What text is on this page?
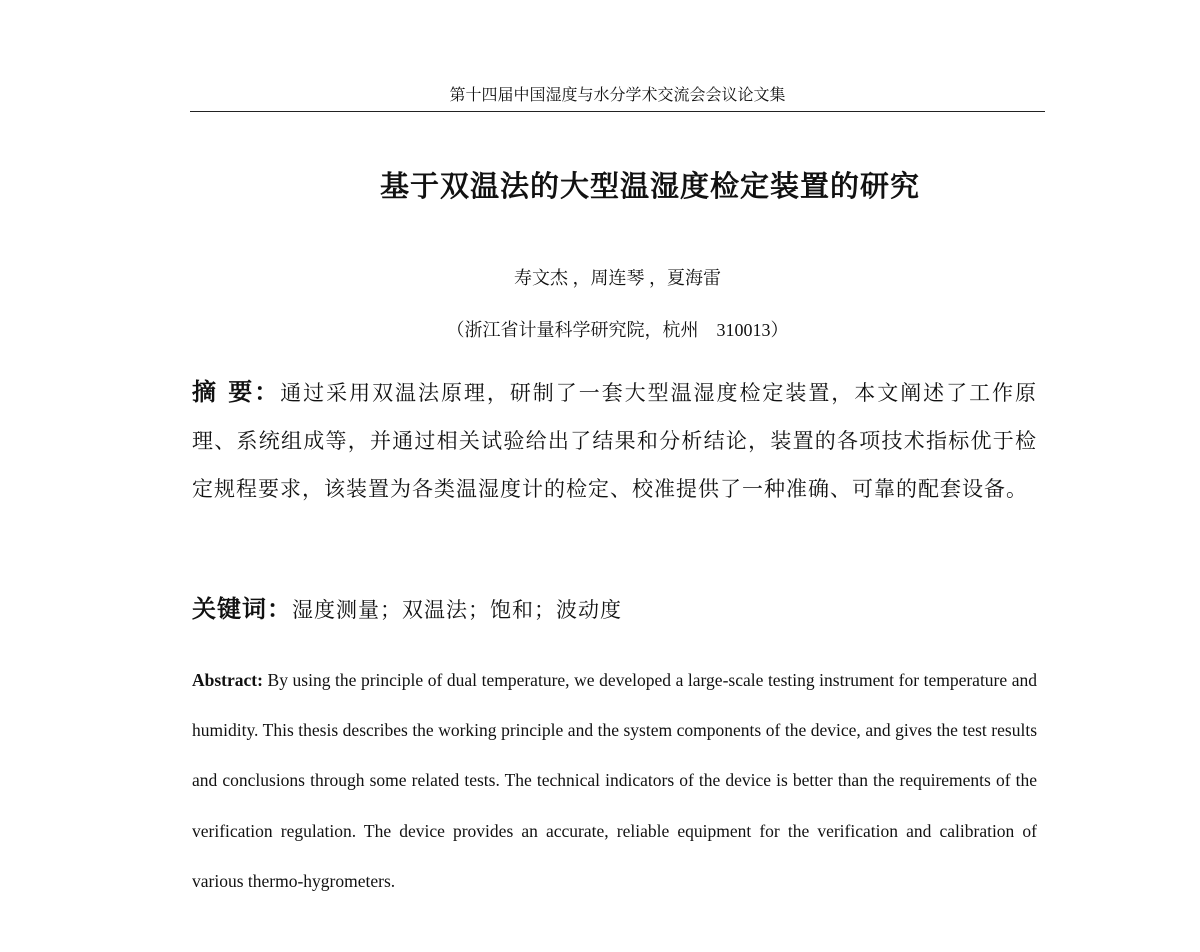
第十四届中国湿度与水分学术交流会会议论文集
基于双温法的大型温湿度检定装置的研究
寿文杰 ，周连琴 ，夏海雷
（浙江省计量科学研究院，杭州　310013）
摘 要：通过采用双温法原理，研制了一套大型温湿度检定装置，本文阐述了工作原理、系统组成等，并通过相关试验给出了结果和分析结论，装置的各项技术指标优于检定规程要求，该装置为各类温湿度计的检定、校准提供了一种准确、可靠的配套设备。
关键词：湿度测量；双温法；饱和；波动度
Abstract: By using the principle of dual temperature, we developed a large-scale testing instrument for temperature and humidity. This thesis describes the working principle and the system components of the device, and gives the test results and conclusions through some related tests. The technical indicators of the device is better than the requirements of the verification regulation. The device provides an accurate, reliable equipment for the verification and calibration of various thermo-hygrometers.
